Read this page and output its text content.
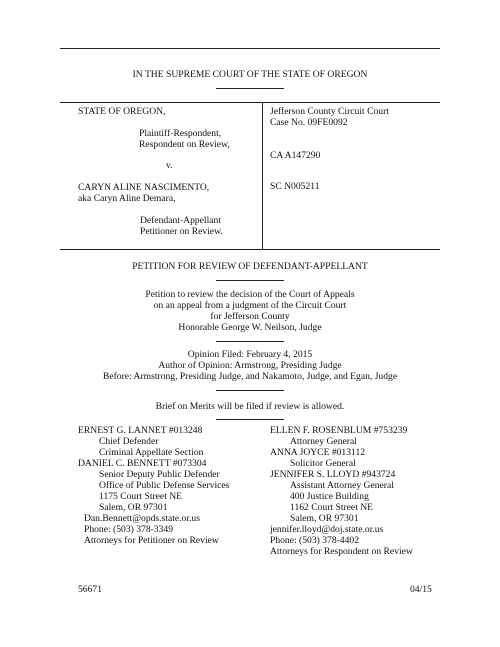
IN THE SUPREME COURT OF THE STATE OF OREGON
STATE OF OREGON,
Plaintiff-Respondent,
Respondent on Review,
v.
CARYN ALINE NASCIMENTO,
aka Caryn Aline Demara,
Defendant-Appellant
Petitioner on Review.
Jefferson County Circuit Court
Case No. 09FE0092
CA A147290
SC N005211
PETITION FOR REVIEW OF DEFENDANT-APPELLANT
Petition to review the decision of the Court of Appeals
on an appeal from a judgment of the Circuit Court
for Jefferson County
Honorable George W. Neilson, Judge
Opinion Filed: February 4, 2015
Author of Opinion: Armstrong, Presiding Judge
Before: Armstrong, Presiding Judge, and Nakamoto, Judge, and Egan, Judge
Brief on Merits will be filed if review is allowed.
ERNEST G. LANNET #013248
Chief Defender
Criminal Appellate Section
DANIEL C. BENNETT #073304
Senior Deputy Public Defender
Office of Public Defense Services
1175 Court Street NE
Salem, OR 97301
Dan.Bennett@opds.state.or.us
Phone: (503) 378-3349
Attorneys for Petitioner on Review
ELLEN F. ROSENBLUM #753239
Attorney General
ANNA JOYCE #013112
Solicitor General
JENNIFER S. LLOYD #943724
Assistant Attorney General
400 Justice Building
1162 Court Street NE
Salem, OR 97301
jennifer.lloyd@doj.state.or.us
Phone: (503) 378-4402
Attorneys for Respondent on Review
56671	04/15
